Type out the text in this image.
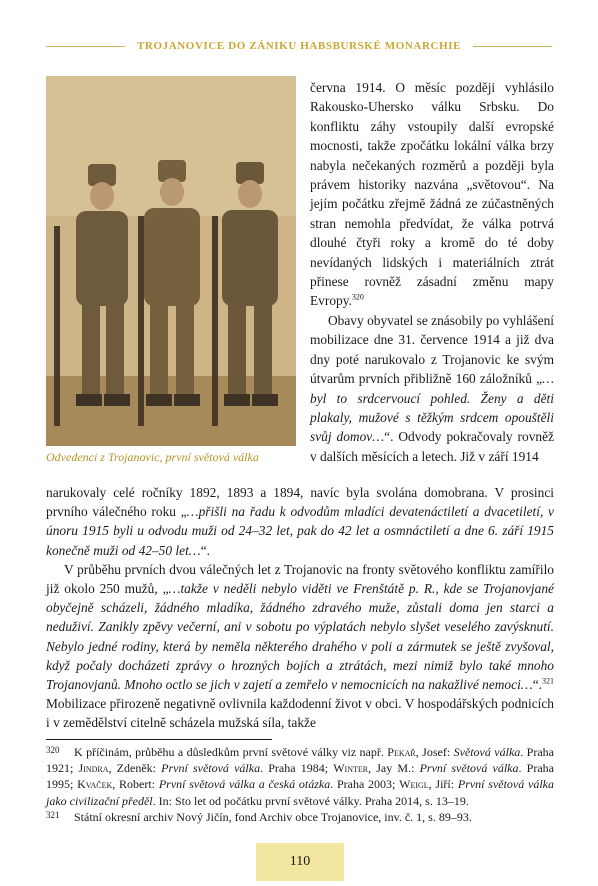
TROJANOVICE DO ZÁNIKU HABSBURSKÉ MONARCHIE
Odvedenci z Trojanovic, první světová válka

června 1914. O měsíc později vyhlásilo Rakousko-Uhersko válku Srbsku. Do konfliktu záhy vstoupily další evropské mocnosti, takže zpočátku lokální válka brzy nabyla nečekaných rozměrů a později byla právem historiky nazvána „světovou“. Na jejím počátku zřejmě žádná ze zúčastněných stran nemohla předvídat, že válka potrvá dlouhé čtyři roky a kromě do té doby nevídaných lidských i materiálních ztrát přinese rovněž zásadní změnu mapy Evropy.$^{320}$

Obavy obyvatel se znásobily po vyhlášení mobilizace dne 31. července 1914 a již dva dny poté narukovalo z Trojanovic ke svým útvarům prvních přibližně 160 záložníků „…byl to srdcervoucí pohled. Ženy a děti plakaly, mužové s těžkým srdcem opouštěli svůj domov…“. Odvody pokračovaly rovněž v dalších měsících a letech. Již v září 1914

narukovaly celé ročníky 1892, 1893 a 1894, navíc byla svolána domobrana. V prosinci prvního válečného roku „…přišli na řadu k odvodům mladíci devatenáctiletí a dvacetiletí, v únoru 1915 byli u odvodu muži od 24–32 let, pak do 42 let a osmnáctiletí a dne 6. září 1915 konečně muži od 42–50 let…“.

V průběhu prvních dvou válečných let z Trojanovic na fronty světového konfliktu zamířilo již okolo 250 mužů, „…takže v neděli nebylo viděti ve Frenštátě p. R., kde se Trojanovjané obyčejně scházeli, žádného mladíka, žádného zdravého muže, zůstali doma jen starci a neduživí. Zanikly zpěvy večerní, ani v sobotu po výplatách nebylo slyšet veselého zavýsknutí. Nebylo jedné rodiny, která by neměla některého drahého v poli a zármutek se ještě zvyšoval, když počaly docházeti zprávy o hrozných bojích a ztrátách, mezi nimiž bylo také mnoho Trojanovjanů. Mnoho octlo se jich v zajetí a zemřelo v nemocnicích na nakažlivé nemoci…“.$^{321}$ Mobilizace přirozeně negativně ovlivnila každodenní život v obci. V hospodářských podnicích i v zemědělství citelně scházela mužská síla, takže

320 K příčinám, průběhu a důsledkům první světové války viz např. Pekař, Josef: Světová válka. Praha 1921; Jindra, Zdeněk: První světová válka. Praha 1984; Winter, Jay M.: První světová válka. Praha 1995; Kvaček, Robert: První světová válka a česká otázka. Praha 2003; Weigl, Jiří: První světová válka jako civilizační předěl. In: Sto let od počátku první světové války. Praha 2014, s. 13–19.

321 Státní okresní archiv Nový Jičín, fond Archiv obce Trojanovice, inv. č. 1, s. 89–93.

110
